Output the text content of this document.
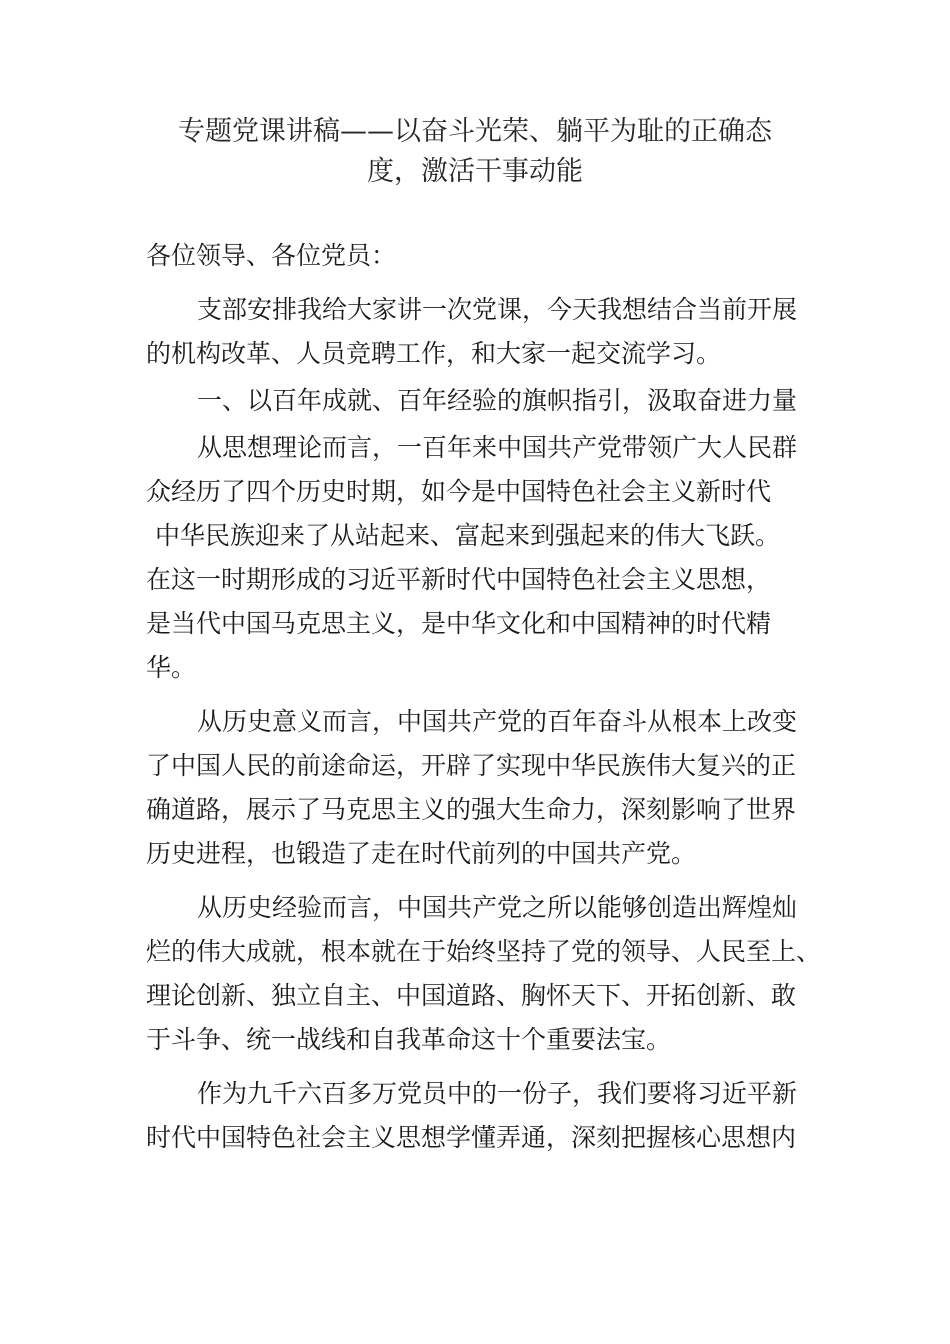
专题党课讲稿——以奋斗光荣、躺平为耻的正确态
度，激活干事动能
各位领导、各位党员：
支部安排我给大家讲一次党课，今天我想结合当前开展
的机构改革、人员竞聘工作，和大家一起交流学习。
一、以百年成就、百年经验的旗帜指引，汲取奋进力量
从思想理论而言，一百年来中国共产党带领广大人民群
众经历了四个历史时期，如今是中国特色社会主义新时代
中华民族迎来了从站起来、富起来到强起来的伟大飞跃。
在这一时期形成的习近平新时代中国特色社会主义思想，
是当代中国马克思主义，是中华文化和中国精神的时代精
华。
从历史意义而言，中国共产党的百年奋斗从根本上改变
了中国人民的前途命运，开辟了实现中华民族伟大复兴的正
确道路，展示了马克思主义的强大生命力，深刻影响了世界
历史进程，也锻造了走在时代前列的中国共产党。
从历史经验而言，中国共产党之所以能够创造出辉煌灿
烂的伟大成就，根本就在于始终坚持了党的领导、人民至上、
理论创新、独立自主、中国道路、胸怀天下、开拓创新、敢
于斗争、统一战线和自我革命这十个重要法宝。
作为九千六百多万党员中的一份子，我们要将习近平新
时代中国特色社会主义思想学懂弄通，深刻把握核心思想内
